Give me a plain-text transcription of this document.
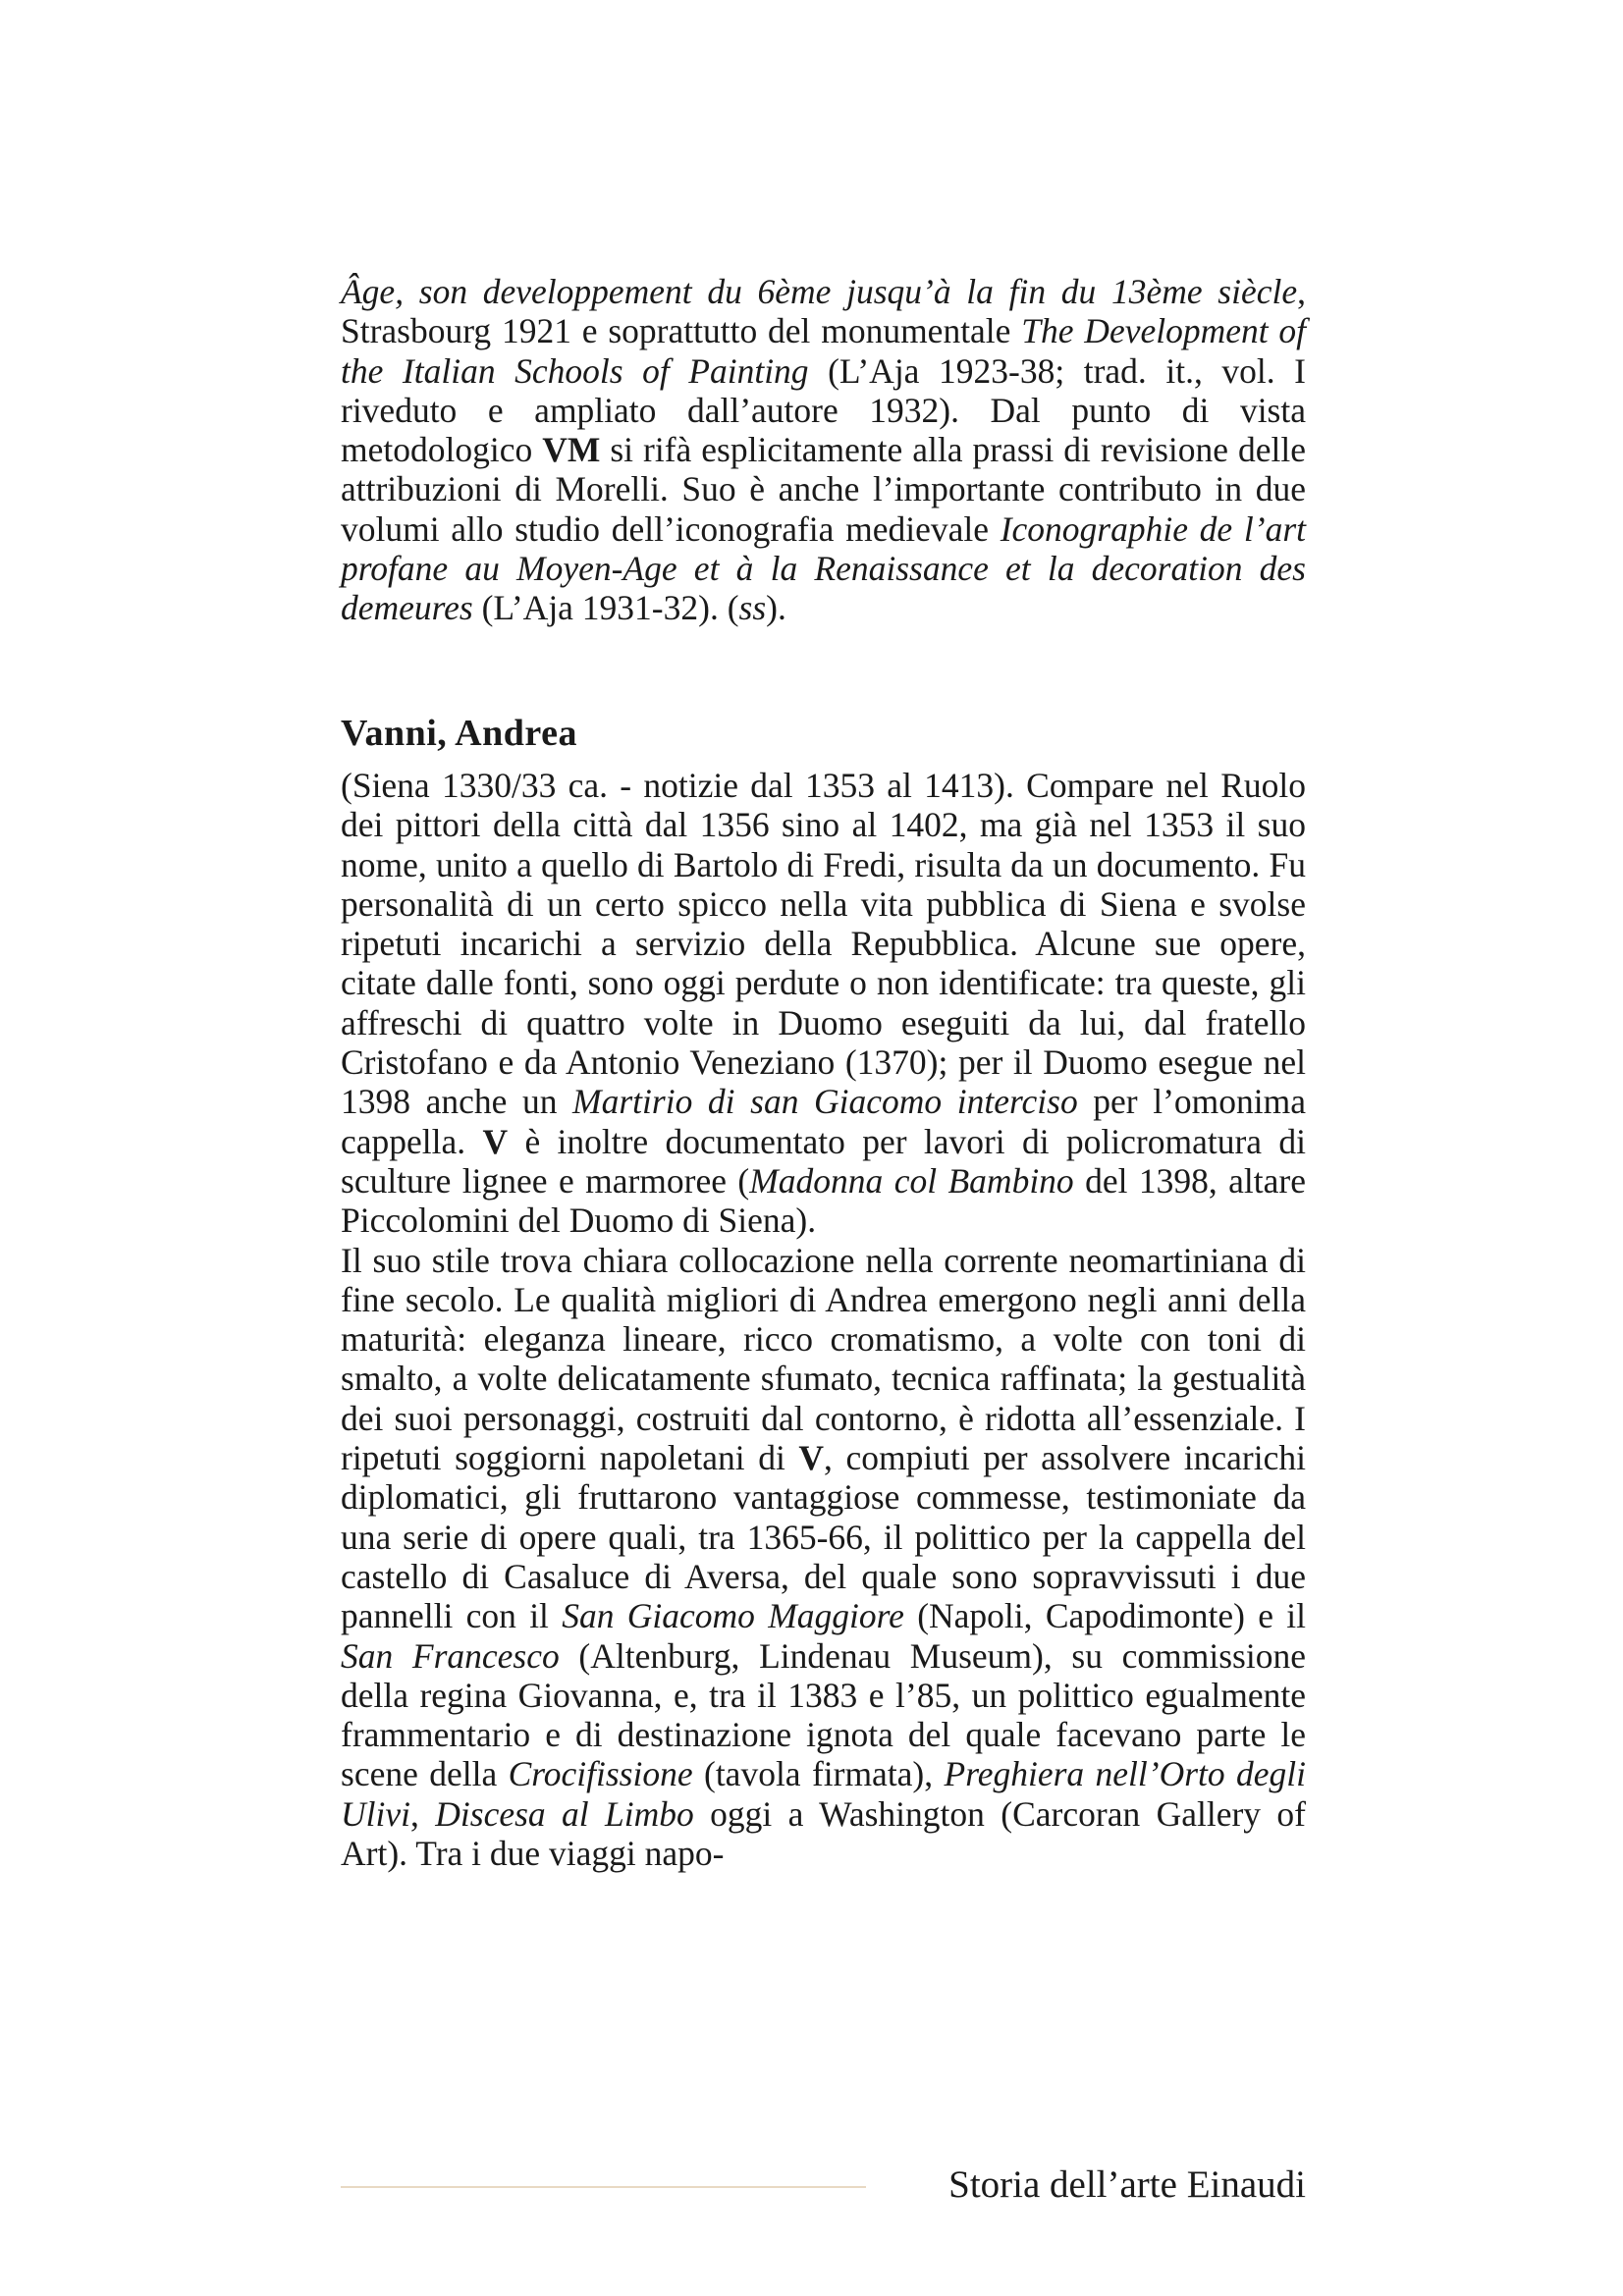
Âge, son developpement du 6ème jusqu’à la fin du 13ème siècle, Strasbourg 1921 e soprattutto del monumentale The Development of the Italian Schools of Painting (L’Aja 1923-38; trad. it., vol. I riveduto e ampliato dall’autore 1932). Dal punto di vista metodologico VM si rifà esplicitamente alla prassi di revisione delle attribuzioni di Morelli. Suo è anche l’importante contributo in due volumi allo studio dell’iconografia medievale Iconographie de l’art profane au Moyen-Age et à la Renaissance et la decoration des demeures (L’Aja 1931-32). (ss).

Vanni, Andrea

(Siena 1330/33 ca. - notizie dal 1353 al 1413). Compare nel Ruolo dei pittori della città dal 1356 sino al 1402, ma già nel 1353 il suo nome, unito a quello di Bartolo di Fredi, risulta da un documento. Fu personalità di un certo spicco nella vita pubblica di Siena e svolse ripetuti incarichi a servizio della Repubblica. Alcune sue opere, citate dalle fonti, sono oggi perdute o non identificate: tra queste, gli affreschi di quattro volte in Duomo eseguiti da lui, dal fratello Cristofano e da Antonio Veneziano (1370); per il Duomo esegue nel 1398 anche un Martirio di san Giacomo interciso per l’omonima cappella. V è inoltre documentato per lavori di policromatura di sculture lignee e marmoree (Madonna col Bambino del 1398, altare Piccolomini del Duomo di Siena).

Il suo stile trova chiara collocazione nella corrente neomartiniana di fine secolo. Le qualità migliori di Andrea emergono negli anni della maturità: eleganza lineare, ricco cromatismo, a volte con toni di smalto, a volte delicatamente sfumato, tecnica raffinata; la gestualità dei suoi personaggi, costruiti dal contorno, è ridotta all’essenziale. I ripetuti soggiorni napoletani di V, compiuti per assolvere incarichi diplomatici, gli fruttarono vantaggiose commesse, testimoniate da una serie di opere quali, tra 1365-66, il polittico per la cappella del castello di Casaluce di Aversa, del quale sono sopravvissuti i due pannelli con il San Giacomo Maggiore (Napoli, Capodimonte) e il San Francesco (Altenburg, Lindenau Museum), su commissione della regina Giovanna, e, tra il 1383 e l’85, un polittico egualmente frammentario e di destinazione ignota del quale facevano parte le scene della Crocifissione (tavola firmata), Preghiera nell’Orto degli Ulivi, Discesa al Limbo oggi a Washington (Carcoran Gallery of Art). Tra i due viaggi napo-

Storia dell’arte Einaudi
